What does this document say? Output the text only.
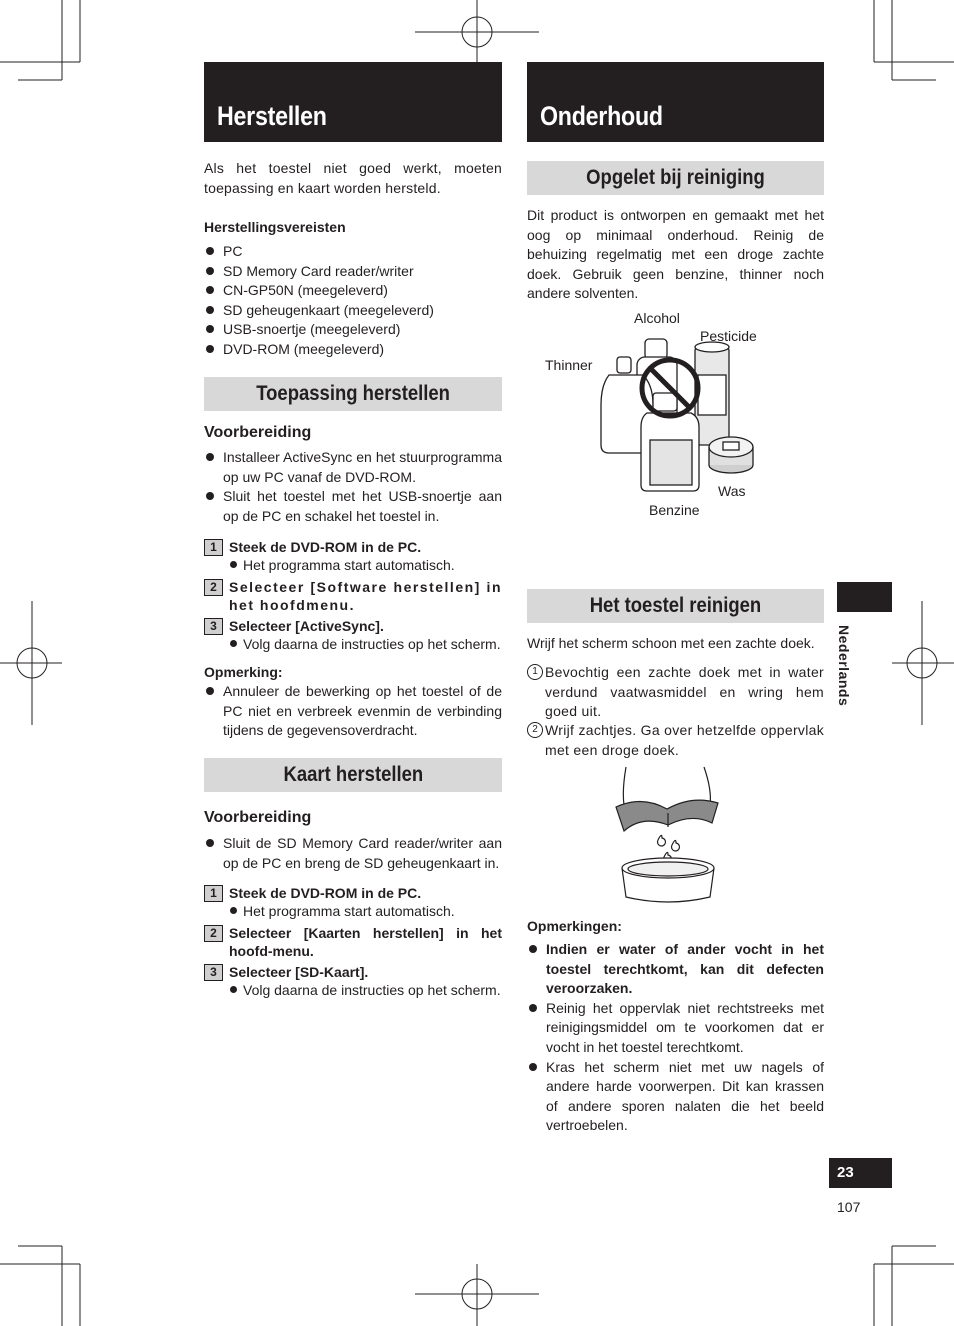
Herstellen
Als het toestel niet goed werkt, moeten toepassing en kaart worden hersteld.
Herstellingsvereisten
PC
SD Memory Card reader/writer
CN-GP50N (meegeleverd)
SD geheugenkaart (meegeleverd)
USB-snoertje (meegeleverd)
DVD-ROM (meegeleverd)
Toepassing herstellen
Voorbereiding
Installeer ActiveSync en het stuurprogramma op uw PC vanaf de DVD-ROM.
Sluit het toestel met het USB-snoertje aan op de PC en schakel het toestel in.
1 Steek de DVD-ROM in de PC.
Het programma start automatisch.
2 Selecteer [Software herstellen] in het hoofdmenu.
3 Selecteer [ActiveSync].
Volg daarna de instructies op het scherm.
Opmerking:
Annuleer de bewerking op het toestel of de PC niet en verbreek evenmin de verbinding tijdens de gegevensoverdracht.
Kaart herstellen
Voorbereiding
Sluit de SD Memory Card reader/writer aan op de PC en breng de SD geheugenkaart in.
1 Steek de DVD-ROM in de PC.
Het programma start automatisch.
2 Selecteer [Kaarten herstellen] in het hoofd-menu.
3 Selecteer [SD-Kaart].
Volg daarna de instructies op het scherm.
Onderhoud
Opgelet bij reiniging
Dit product is ontworpen en gemaakt met het oog op minimaal onderhoud. Reinig de behuizing regelmatig met een droge zachte doek. Gebruik geen benzine, thinner noch andere solventen.
Alcohol
Pesticide
Thinner
Was
Benzine
Het toestel reinigen
Wrijf het scherm schoon met een zachte doek.
1 Bevochtig een zachte doek met in water verdund vaatwasmiddel en wring hem goed uit.
2 Wrijf zachtjes. Ga over hetzelfde oppervlak met een droge doek.
Opmerkingen:
Indien er water of ander vocht in het toestel terechtkomt, kan dit defecten veroorzaken.
Reinig het oppervlak niet rechtstreeks met reinigingsmiddel om te voorkomen dat er vocht in het toestel terechtkomt.
Kras het scherm niet met uw nagels of andere harde voorwerpen. Dit kan krassen of andere sporen nalaten die het beeld vertroebelen.
Nederlands
23
107
